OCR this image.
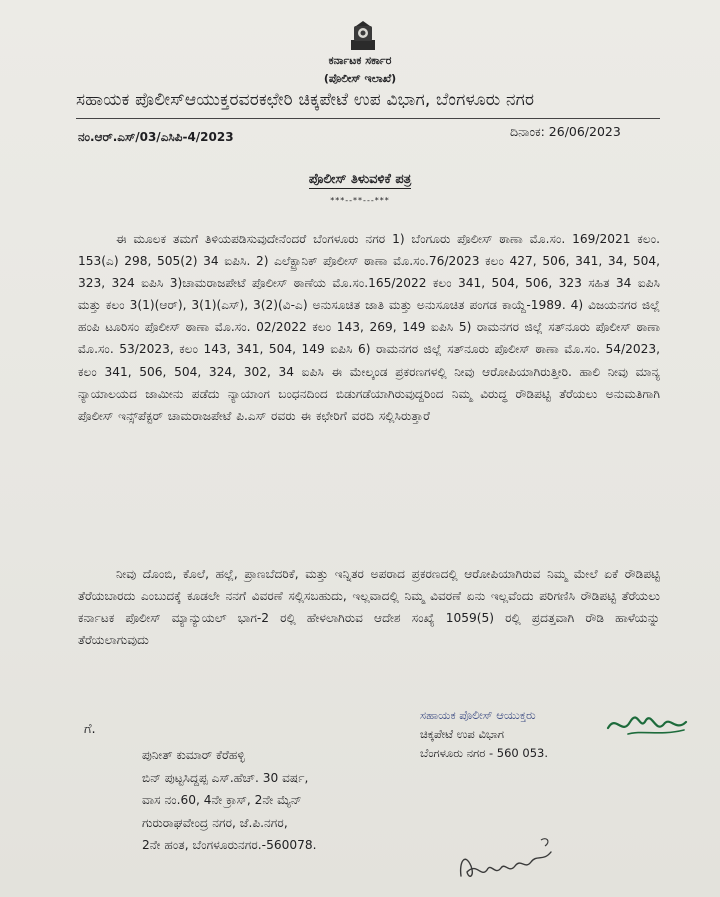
ಕರ್ನಾಟಕ ಸರ್ಕಾರ
(ಪೊಲೀಸ್ ಇಲಾಖೆ)
ಸಹಾಯಕ ಪೊಲೀಸ್‌ಆಯುಕ್ತರವರಕಛೇರಿ ಚಿಕ್ಕಪೇಟೆ ಉಪ ವಿಭಾಗ, ಬೆಂಗಳೂರು ನಗರ
ನಂ.ಆರ್.ಎಸ್/03/ಎಸಿಪಿ-4/2023	ದಿನಾಂಕ: 26/06/2023
ಪೊಲೀಸ್ ತಿಳುವಳಿಕೆ ಪತ್ರ
***--**---***
ಈ ಮೂಲಕ ತಮಗೆ ತಿಳಿಯಪಡಿಸುವುದೇನೆಂದರೆ ಬೆಂಗಳೂರು ನಗರ 1) ಬೆಂಗೂರು ಪೊಲೀಸ್ ಠಾಣಾ ಮೊ.ಸಂ. 169/2021 ಕಲಂ. 153(ಎ) 298, 505(2) 34 ಐಪಿಸಿ. 2) ಎಲೆಕ್ಟ್ರಾನಿಕ್ ಪೊಲೀಸ್ ಠಾಣಾ ಮೊ.ಸಂ.76/2023 ಕಲಂ 427, 506, 341, 34, 504, 323, 324 ಐಪಿಸಿ 3)ಚಾಮರಾಜಪೇಟೆ ಪೊಲೀಸ್ ಠಾಣೆಯ ಮೊ.ಸಂ.165/2022 ಕಲಂ 341, 504, 506, 323 ಸಹಿತ 34 ಐಪಿಸಿ ಮತ್ತು ಕಲಂ 3(1)(ಆರ್), 3(1)(ಎಸ್), 3(2)(ವಿ-ಎ) ಅನುಸೂಚಿತ ಜಾತಿ ಮತ್ತು ಅನುಸೂಚಿತ ಪಂಗಡ ಕಾಯ್ದೆ-1989. 4) ವಿಜಯನಗರ ಜಿಲ್ಲೆ ಹಂಪಿ ಟೂರಿಸಂ ಪೊಲೀಸ್ ಠಾಣಾ ಮೊ.ಸಂ. 02/2022 ಕಲಂ 143, 269, 149 ಐಪಿಸಿ 5) ರಾಮನಗರ ಜಿಲ್ಲೆ ಸತ್‌ನೂರು ಪೊಲೀಸ್ ಠಾಣಾ ಮೊ.ಸಂ. 53/2023, ಕಲಂ 143, 341, 504, 149 ಐಪಿಸಿ 6) ರಾಮನಗರ ಜಿಲ್ಲೆ ಸತ್‌ನೂರು ಪೊಲೀಸ್ ಠಾಣಾ ಮೊ.ಸಂ. 54/2023, ಕಲಂ 341, 506, 504, 324, 302, 34 ಐಪಿಸಿ ಈ ಮೇಲ್ಕಂಡ ಪ್ರಕರಣಗಳಲ್ಲಿ ನೀವು ಆರೋಪಿಯಾಗಿರುತ್ತೀರಿ. ಹಾಲಿ ನೀವು ಮಾನ್ಯ ನ್ಯಾಯಾಲಯದ ಜಾಮೀನು ಪಡೆದು ನ್ಯಾಯಾಂಗ ಬಂಧನದಿಂದ ಬಿಡುಗಡೆಯಾಗಿರುವುದ್ದರಿಂದ ನಿಮ್ಮ ವಿರುದ್ಧ ರೌಡಿಪಟ್ಟಿ ತೆರೆಯಲು ಅನುಮತಿಗಾಗಿ ಪೊಲೀಸ್ ಇನ್ಸ್‌ಪೆಕ್ಟರ್ ಚಾಮರಾಜಪೇಟೆ ಪಿ.ಎಸ್ ರವರು ಈ ಕಛೇರಿಗೆ ವರದಿ ಸಲ್ಲಿಸಿರುತ್ತಾರೆ
ನೀವು ದೊಂಬಿ, ಕೊಲೆ, ಹಲ್ಲೆ, ಪ್ರಾಣಬೆದರಿಕೆ, ಮತ್ತು ಇನ್ನಿತರ ಅಪರಾದ ಪ್ರಕರಣದಲ್ಲಿ ಆರೋಪಿಯಾಗಿರುವ ನಿಮ್ಮ ಮೇಲೆ ಏಕೆ ರೌಡಿಪಟ್ಟಿ ತೆರೆಯಬಾರದು ಎಂಬುದಕ್ಕೆ ಕೂಡಲೇ ನನಗೆ ವಿವರಣೆ ಸಲ್ಲಿಸಬಹುದು, ಇಲ್ಲವಾದಲ್ಲಿ ನಿಮ್ಮ ವಿವರಣೆ ಏನು ಇಲ್ಲವೆಂದು ಪರಿಗಣಿಸಿ ರೌಡಿಪಟ್ಟಿ ತೆರೆಯಲು ಕರ್ನಾಟಕ ಪೊಲೀಸ್ ಮ್ಯಾನ್ಯುಯಲ್ ಭಾಗ-2 ರಲ್ಲಿ ಹೇಳಲಾಗಿರುವ ಆದೇಶ ಸಂಖ್ಯೆ 1059(5) ರಲ್ಲಿ ಪ್ರದತ್ತವಾಗಿ ರೌಡಿ ಹಾಳೆಯನ್ನು ತೆರೆಯಲಾಗುವುದು
ಗೆ.
ಪುನೀತ್ ಕುಮಾರ್ ಕೆರೆಹಳ್ಳಿ
ಬಿನ್ ಪುಟ್ಟಸಿದ್ದಪ್ಪ ಎಸ್.ಹೆಚ್. 30 ವರ್ಷ,
ವಾಸ ನಂ.60, 4ನೇ ಕ್ರಾಸ್, 2ನೇ ಮ್ಯೆನ್
ಗುರುರಾಘವೇಂದ್ರ ನಗರ, ಜೆ.ಪಿ.ನಗರ,
2ನೇ ಹಂತ, ಬೆಂಗಳೂರುನಗರ.-560078.
ಸಹಾಯಕ ಪೊಲೀಸ್ ಆಯುಕ್ತರು
ಚಿಕ್ಕಪೇಟೆ ಉಪ ವಿಭಾಗ
ಬೆಂಗಳೂರು ನಗರ - 560 053.
